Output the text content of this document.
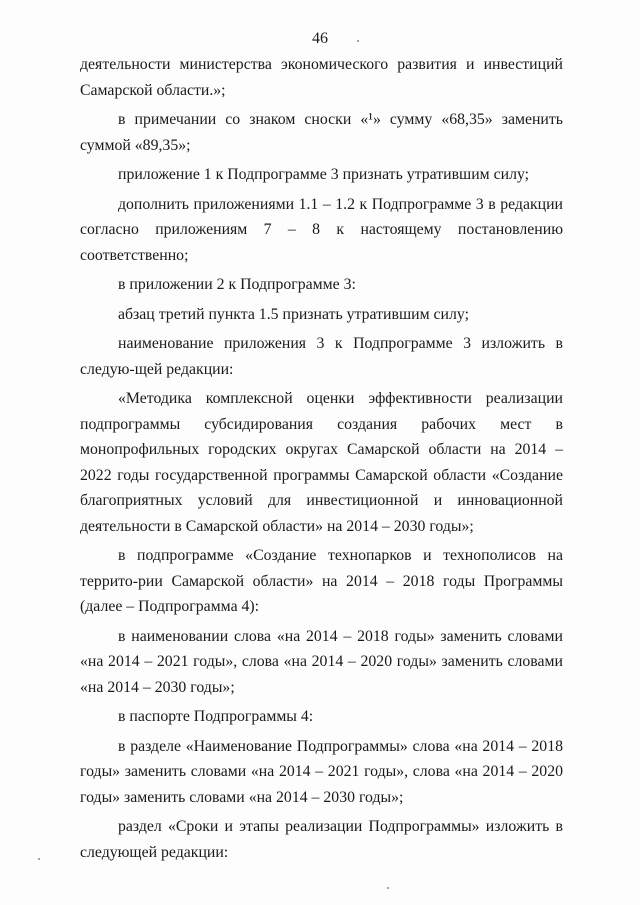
46

деятельности министерства экономического развития и инвестиций Самарской области.»;

в примечании со знаком сноски «¹» сумму «68,35» заменить суммой «89,35»;

приложение 1 к Подпрограмме 3 признать утратившим силу;

дополнить приложениями 1.1 – 1.2 к Подпрограмме 3 в редакции согласно приложениям 7 – 8 к настоящему постановлению соответственно;

в приложении 2 к Подпрограмме 3:

абзац третий пункта 1.5 признать утратившим силу;

наименование приложения 3 к Подпрограмме 3 изложить в следую-щей редакции:

«Методика комплексной оценки эффективности реализации подпрограммы субсидирования создания рабочих мест в монопрофильных городских округах Самарской области на 2014 – 2022 годы государственной программы Самарской области «Создание благоприятных условий для инвестиционной и инновационной деятельности в Самарской области» на 2014 – 2030 годы»;

в подпрограмме «Создание технопарков и технополисов на террито-рии Самарской области» на 2014 – 2018 годы Программы (далее – Подпрограмма 4):

в наименовании слова «на 2014 – 2018 годы» заменить словами «на 2014 – 2021 годы», слова «на 2014 – 2020 годы» заменить словами «на 2014 – 2030 годы»;

в паспорте Подпрограммы 4:

в разделе «Наименование Подпрограммы» слова «на 2014 – 2018 годы» заменить словами «на 2014 – 2021 годы», слова «на 2014 – 2020 годы» заменить словами «на 2014 – 2030 годы»;

раздел «Сроки и этапы реализации Подпрограммы» изложить в следующей редакции:
